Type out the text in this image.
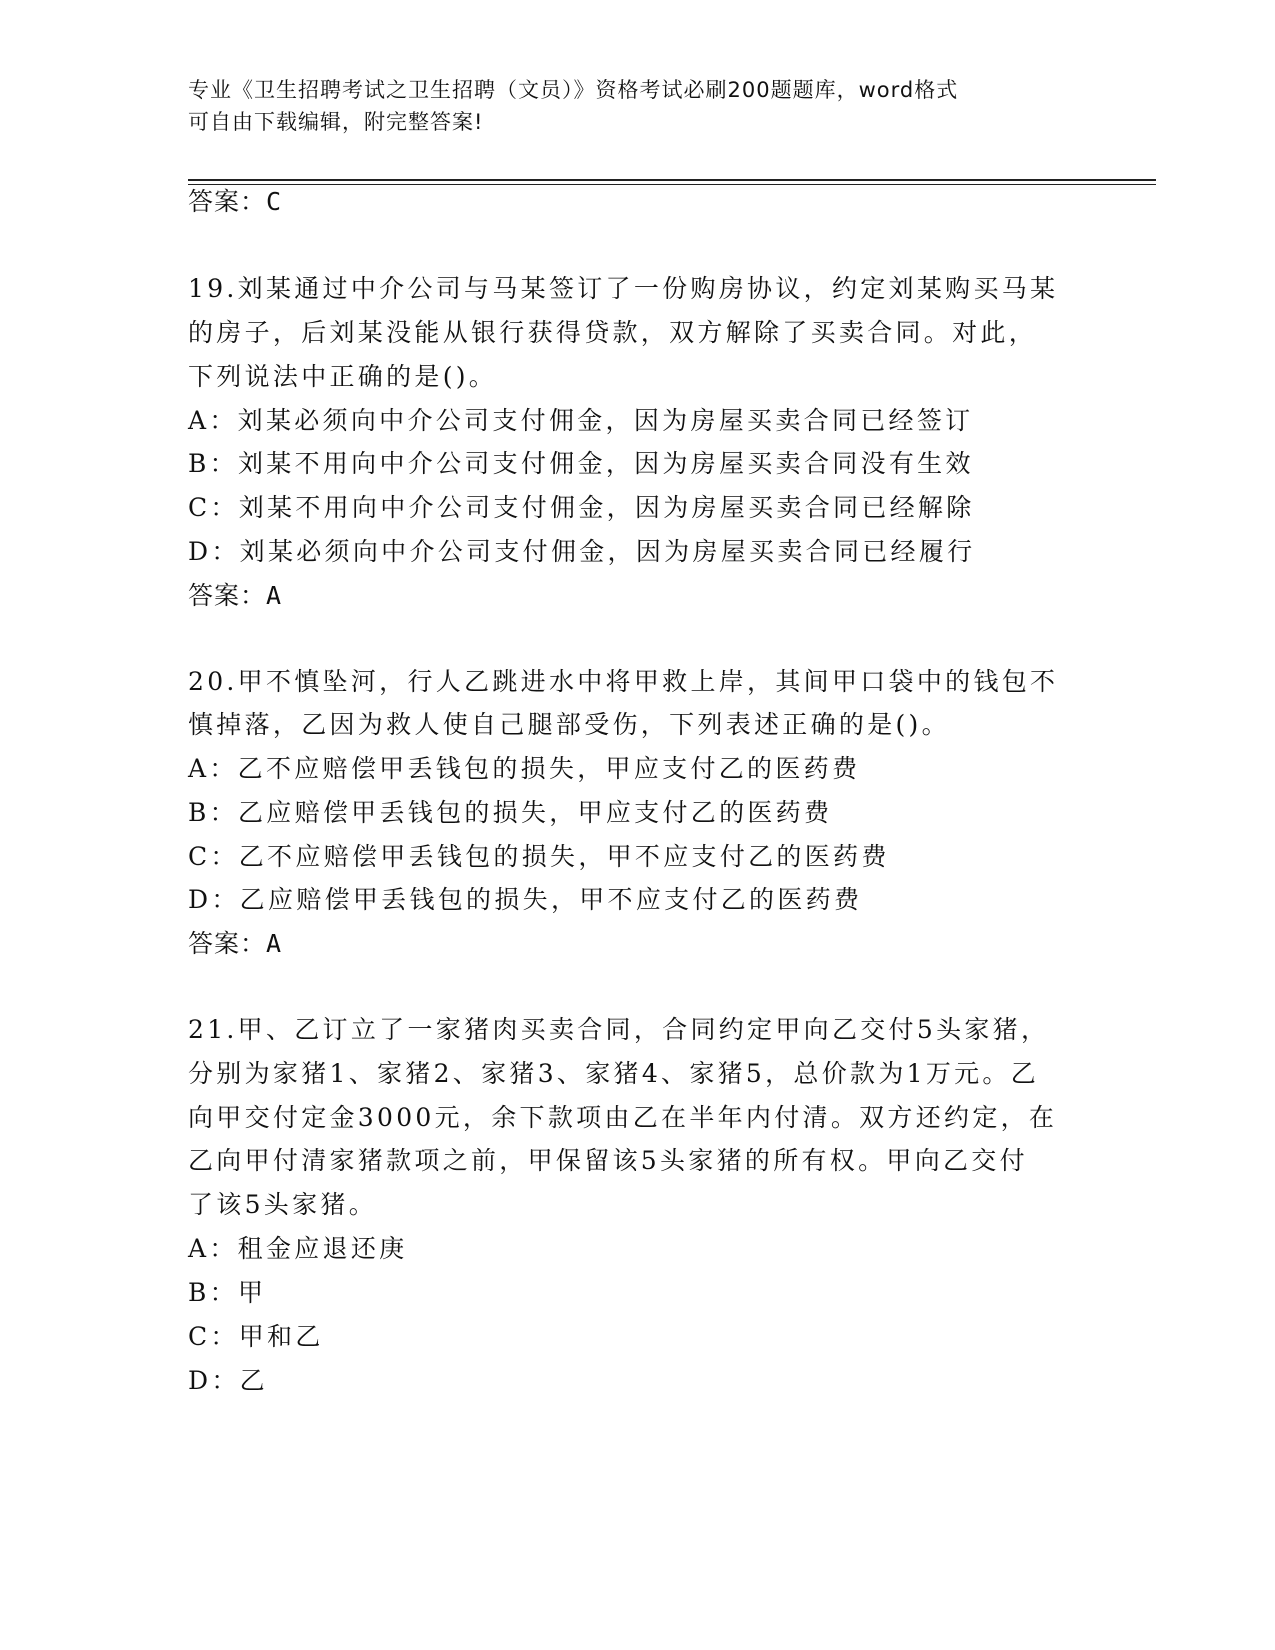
专业《卫生招聘考试之卫生招聘（文员）》资格考试必刷200题题库，word格式
可自由下载编辑，附完整答案!
答案：C
19.刘某通过中介公司与马某签订了一份购房协议，约定刘某购买马某
的房子，后刘某没能从银行获得贷款，双方解除了买卖合同。对此，
下列说法中正确的是()。
A：刘某必须向中介公司支付佣金，因为房屋买卖合同已经签订
B：刘某不用向中介公司支付佣金，因为房屋买卖合同没有生效
C：刘某不用向中介公司支付佣金，因为房屋买卖合同已经解除
D：刘某必须向中介公司支付佣金，因为房屋买卖合同已经履行
答案：A
20.甲不慎坠河，行人乙跳进水中将甲救上岸，其间甲口袋中的钱包不
慎掉落，乙因为救人使自己腿部受伤，下列表述正确的是()。
A：乙不应赔偿甲丢钱包的损失，甲应支付乙的医药费
B：乙应赔偿甲丢钱包的损失，甲应支付乙的医药费
C：乙不应赔偿甲丢钱包的损失，甲不应支付乙的医药费
D：乙应赔偿甲丢钱包的损失，甲不应支付乙的医药费
答案：A
21.甲、乙订立了一家猪肉买卖合同，合同约定甲向乙交付5头家猪，
分别为家猪1、家猪2、家猪3、家猪4、家猪5，总价款为1万元。乙
向甲交付定金3000元，余下款项由乙在半年内付清。双方还约定，在
乙向甲付清家猪款项之前，甲保留该5头家猪的所有权。甲向乙交付
了该5头家猪。
A：租金应退还庚
B：甲
C：甲和乙
D：乙
